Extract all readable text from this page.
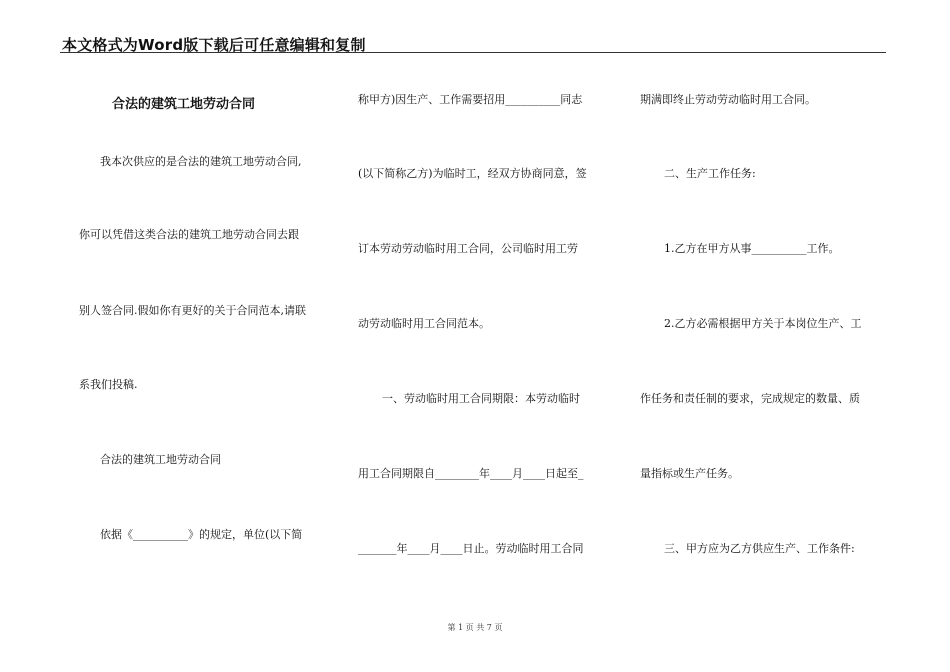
本文格式为Word版下载后可任意编辑和复制
合法的建筑工地劳动合同
我本次供应的是合法的建筑工地劳动合同,
你可以凭借这类合法的建筑工地劳动合同去跟
别人签合同.假如你有更好的关于合同范本,请联
系我们投稿.
合法的建筑工地劳动合同
依据《__________》的规定，单位(以下简
称甲方)因生产、工作需要招用__________同志
(以下简称乙方)为临时工，经双方协商同意，签
订本劳动劳动临时用工合同，公司临时用工劳
动劳动临时用工合同范本。
一、劳动临时用工合同期限：本劳动临时
用工合同期限自________年____月____日起至_
_______年____月____日止。劳动临时用工合同
期满即终止劳动劳动临时用工合同。
二、生产工作任务:
1.乙方在甲方从事__________工作。
2.乙方必需根据甲方关于本岗位生产、工
作任务和责任制的要求，完成规定的数量、质
量指标或生产任务。
三、甲方应为乙方供应生产、工作条件:
第 1 页 共 7 页
